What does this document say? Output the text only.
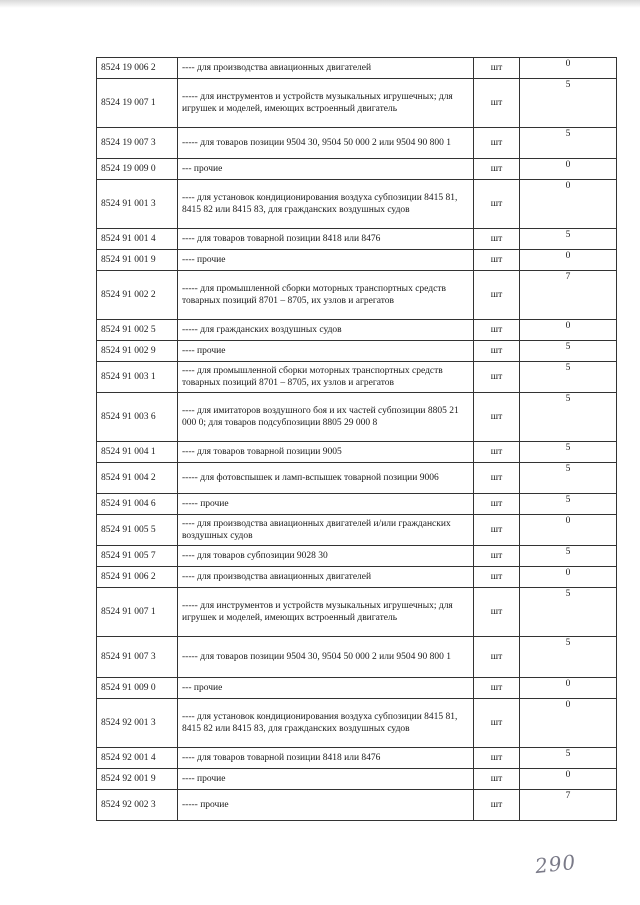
8524 19 006 2	---- для производства авиационных двигателей	шт	0
8524 19 007 1	----- для инструментов и устройств музыкальных игрушечных; для игрушек и моделей, имеющих встроенный двигатель	шт	5
8524 19 007 3	----- для товаров позиции 9504 30, 9504 50 000 2 или 9504 90 800 1	шт	5
8524 19 009 0	--- прочие	шт	0
8524 91 001 3	---- для установок кондиционирования воздуха субпозиции 8415 81, 8415 82 или 8415 83, для гражданских воздушных судов	шт	0
8524 91 001 4	---- для товаров товарной позиции 8418 или 8476	шт	5
8524 91 001 9	---- прочие	шт	0
8524 91 002 2	----- для промышленной сборки моторных транспортных средств товарных позиций 8701 – 8705, их узлов и агрегатов	шт	7
8524 91 002 5	----- для гражданских воздушных судов	шт	0
8524 91 002 9	---- прочие	шт	5
8524 91 003 1	---- для промышленной сборки моторных транспортных средств товарных позиций 8701 – 8705, их узлов и агрегатов	шт	5
8524 91 003 6	---- для имитаторов воздушного боя и их частей субпозиции 8805 21 000 0; для товаров подсубпозиции 8805 29 000 8	шт	5
8524 91 004 1	---- для товаров товарной позиции 9005	шт	5
8524 91 004 2	----- для фотовспышек и ламп-вспышек товарной позиции 9006	шт	5
8524 91 004 6	----- прочие	шт	5
8524 91 005 5	---- для производства авиационных двигателей и/или гражданских воздушных судов	шт	0
8524 91 005 7	---- для товаров субпозиции 9028 30	шт	5
8524 91 006 2	---- для производства авиационных двигателей	шт	0
8524 91 007 1	----- для инструментов и устройств музыкальных игрушечных; для игрушек и моделей, имеющих встроенный двигатель	шт	5
8524 91 007 3	----- для товаров позиции 9504 30, 9504 50 000 2 или 9504 90 800 1	шт	5
8524 91 009 0	--- прочие	шт	0
8524 92 001 3	---- для установок кондиционирования воздуха субпозиции 8415 81, 8415 82 или 8415 83, для гражданских воздушных судов	шт	0
8524 92 001 4	---- для товаров товарной позиции 8418 или 8476	шт	5
8524 92 001 9	---- прочие	шт	0
8524 92 002 3	----- прочие	шт	7
290
